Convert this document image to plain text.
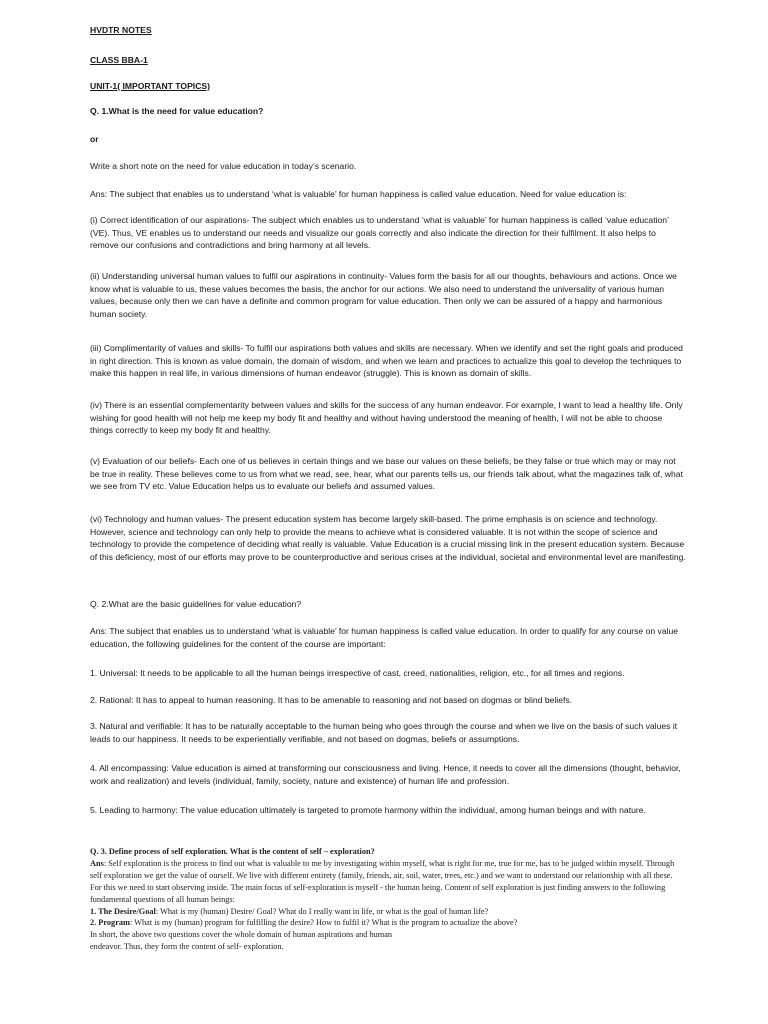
HVDTR NOTES
CLASS BBA-1
UNIT-1( IMPORTANT TOPICS)
Q. 1.What is the need for value education?
or
Write a short note on the need for value education in today’s scenario.
Ans: The subject that enables us to understand ‘what is valuable’ for human happiness is called value education. Need for value education is:
(i) Correct identification of our aspirations- The subject which enables us to understand ‘what is valuable’ for human happiness is called ‘value education’ (VE). Thus, VE enables us to understand our needs and visualize our goals correctly and also indicate the direction for their fulfilment. It also helps to remove our confusions and contradictions and bring harmony at all levels.
(ii) Understanding universal human values to fulfil our aspirations in continuity- Values form the basis for all our thoughts, behaviours and actions. Once we know what is valuable to us, these values becomes the basis, the anchor for our actions. We also need to understand the universality of various human values, because only then we can have a definite and common program for value education. Then only we can be assured of a happy and harmonious human society.
(iii) Complimentarity of values and skills- To fulfil our aspirations both values and skills are necessary. When we identify and set the right goals and produced in right direction. This is known as value domain, the domain of wisdom, and when we learn and practices to actualize this goal to develop the techniques to make this happen in real life, in various dimensions of human endeavor (struggle). This is known as domain of skills.
(iv) There is an essential complementarity between values and skills for the success of any human endeavor. For example, I want to lead a healthy life. Only wishing for good health will not help me keep my body fit and healthy and without having understood the meaning of health, I will not be able to choose things correctly to keep my body fit and healthy.
(v) Evaluation of our beliefs- Each one of us believes in certain things and we base our values on these beliefs, be they false or true which may or may not be true in reality. These believes come to us from what we read, see, hear, what our parents tells us, our friends talk about, what the magazines talk of, what we see from TV etc. Value Education helps us to evaluate our beliefs and assumed values.
(vi) Technology and human values- The present education system has become largely skill-based. The prime emphasis is on science and technology. However, science and technology can only help to provide the means to achieve what is considered valuable. It is not within the scope of science and technology to provide the competence of deciding what really is valuable. Value Education is a crucial missing link in the present education system. Because of this deficiency, most of our efforts may prove to be counterproductive and serious crises at the individual, societal and environmental level are manifesting.
Q. 2.What are the basic guidelines for value education?
Ans: The subject that enables us to understand ‘what is valuable’ for human happiness is called value education. In order to qualify for any course on value education, the following guidelines for the content of the course are important:
1. Universal: It needs to be applicable to all the human beings irrespective of cast, creed, nationalities, religion, etc., for all times and regions.
2. Rational: It has to appeal to human reasoning. It has to be amenable to reasoning and not based on dogmas or blind beliefs.
3. Natural and verifiable: It has to be naturally acceptable to the human being who goes through the course and when we live on the basis of such values it leads to our happiness. It needs to be experientially verifiable, and not based on dogmas, beliefs or assumptions.
4. All encompassing: Value education is aimed at transforming our consciousness and living. Hence, it needs to cover all the dimensions (thought, behavior, work and realization) and levels (individual, family, society, nature and existence) of human life and profession.
5. Leading to harmony: The value education ultimately is targeted to promote harmony within the individual, among human beings and with nature.
Q. 3. Define process of self exploration. What is the content of self – exploration?
Ans: Self exploration is the process to find out what is valuable to me by investigating within myself, what is right for me, true for me, has to be judged within myself. Through self exploration we get the value of ourself. We live with different entirety (family, friends, air, soil, water, trees, etc.) and we want to understand our relationship with all these. For this we need to start observing inside. The main focus of self-exploration is myself - the human being. Content of self exploration is just finding answers to the following fundamental questions of all human beings:
1. The Desire/Goal: What is my (human) Desire/ Goal? What do I really want in life, or what is the goal of human life?
2. Program: What is my (human) program for fulfilling the desire? How to fulfil it? What is the program to actualize the above?
In short, the above two questions cover the whole domain of human aspirations and human
endeavor. Thus, they form the content of self- exploration.
